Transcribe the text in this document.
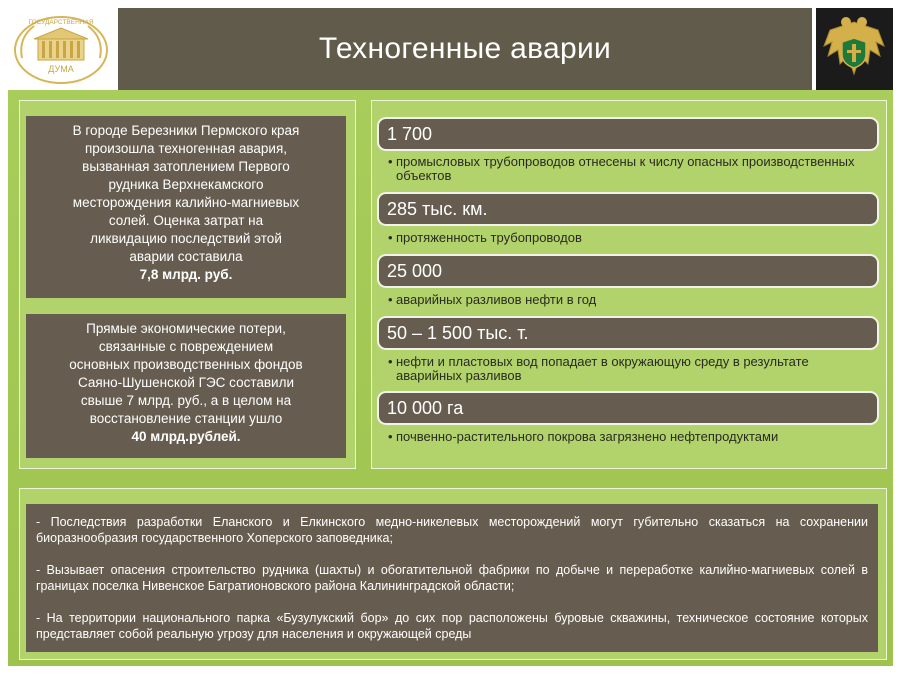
ГОСУДАРСТВЕННАЯ
ДУМА
Техногенные аварии
В городе Березники Пермского края
произошла техногенная авария,
вызванная затоплением Первого
рудника Верхнекамского
месторождения калийно-магниевых
солей. Оценка затрат на
ликвидацию последствий этой
аварии составила
7,8 млрд. руб.
Прямые экономические потери,
связанные с повреждением
основных производственных фондов
Саяно-Шушенской ГЭС составили
свыше 7 млрд. руб., а в целом на
восстановление станции ушло
40 млрд.рублей.
1 700
• промысловых трубопроводов отнесены к числу опасных производственных объектов
285 тыс. км.
• протяженность трубопроводов
25 000
• аварийных разливов нефти в год
50 – 1 500 тыс. т.
• нефти и пластовых вод попадает в окружающую среду в результате аварийных разливов
10 000 га
• почвенно-растительного покрова загрязнено нефтепродуктами

- Последствия разработки Еланского и Елкинского медно-никелевых месторождений могут губительно сказаться на сохранении биоразнообразия государственного Хоперского заповедника;

- Вызывает опасения строительство рудника (шахты) и обогатительной фабрики по добыче и переработке калийно-магниевых солей в границах поселка Нивенское Багратионовского района Калининградской области;

- На территории национального парка «Бузулукский бор» до сих пор расположены буровые скважины, техническое состояние которых представляет собой реальную угрозу для населения и окружающей среды
